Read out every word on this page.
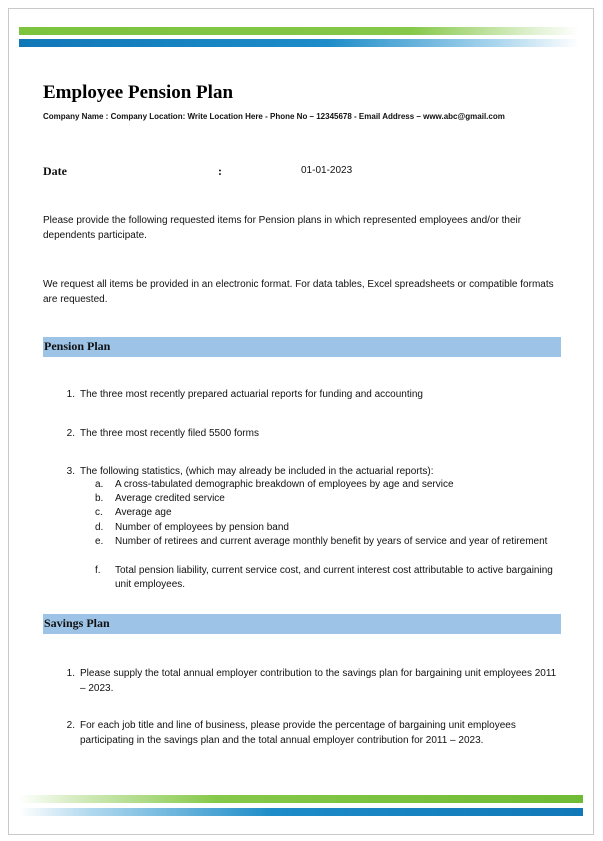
Employee Pension Plan
Company Name : Company Location: Write Location Here - Phone No – 12345678 - Email Address – www.abc@gmail.com
Date	:	01-01-2023
Please provide the following requested items for Pension plans in which represented employees and/or their dependents participate.
We request all items be provided in an electronic format. For data tables, Excel spreadsheets or compatible formats are requested.
Pension Plan
1. The three most recently prepared actuarial reports for funding and accounting
2. The three most recently filed 5500 forms
3. The following statistics, (which may already be included in the actuarial reports):
a. A cross-tabulated demographic breakdown of employees by age and service
b. Average credited service
c. Average age
d. Number of employees by pension band
e. Number of retirees and current average monthly benefit by years of service and year of retirement
f. Total pension liability, current service cost, and current interest cost attributable to active bargaining unit employees.
Savings Plan
1. Please supply the total annual employer contribution to the savings plan for bargaining unit employees 2011 – 2023.
2. For each job title and line of business, please provide the percentage of bargaining unit employees participating in the savings plan and the total annual employer contribution for 2011 – 2023.
